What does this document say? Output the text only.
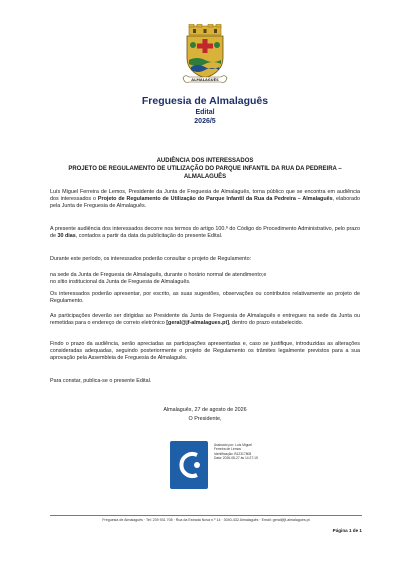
ALMALAGUÊS
Freguesia de Almalaguês
Edital
2026/5
AUDIÊNCIA DOS INTERESSADOS
PROJETO DE REGULAMENTO DE UTILIZAÇÃO DO PARQUE INFANTIL DA RUA DA PEDREIRA –
ALMALAGUÊS
Luís Miguel Ferreira de Lemos, Presidente da Junta de Freguesia de Almalaguês, torna público que se encontra em audiência dos interessados o Projeto de Regulamento de Utilização do Parque Infantil da Rua da Pedreira – Almalaguês, elaborado pela Junta de Freguesia de Almalaguês.
A presente audiência dos interessados decorre nos termos do artigo 100.º do Código do Procedimento Administrativo, pelo prazo de 30 dias, contados a partir da data da publicitação do presente Edital.
Durante este período, os interessados poderão consultar o projeto de Regulamento:
na sede da Junta de Freguesia de Almalaguês, durante o horário normal de atendimento;e
no sítio institucional da Junta de Freguesia de Almalaguês.
Os interessados poderão apresentar, por escrito, as suas sugestões, observações ou contributos relativamente ao projeto de Regulamento.
As participações deverão ser dirigidas ao Presidente da Junta de Freguesia de Almalaguês e entregues na sede da Junta ou remetidas para o endereço de correio eletrónico [geral@jf-almalagues.pt], dentro do prazo estabelecido.
Findo o prazo da audiência, serão apreciadas as participações apresentadas e, caso se justifique, introduzidas as alterações consideradas adequadas, seguindo posteriormente o projeto de Regulamento os trâmites legalmente previstos para a sua aprovação pela Assembleia de Freguesia de Almalaguês.
Para constar, publica-se o presente Edital.
Almalaguês, 27 de agosto de 2026
O Presidente,
Assinado por: Luís Miguel
Ferreira de Lemos
Identificação: B12317808
Data: 2026-08-27 às 14:27:15
Freguesia de Almalaguês · Tel: 239 931 708 · Rua da Estrada Nova n.º 14 · 3040-432 Almalaguês · Email: geral@jf-almalagues.pt
Página 1 de 1
